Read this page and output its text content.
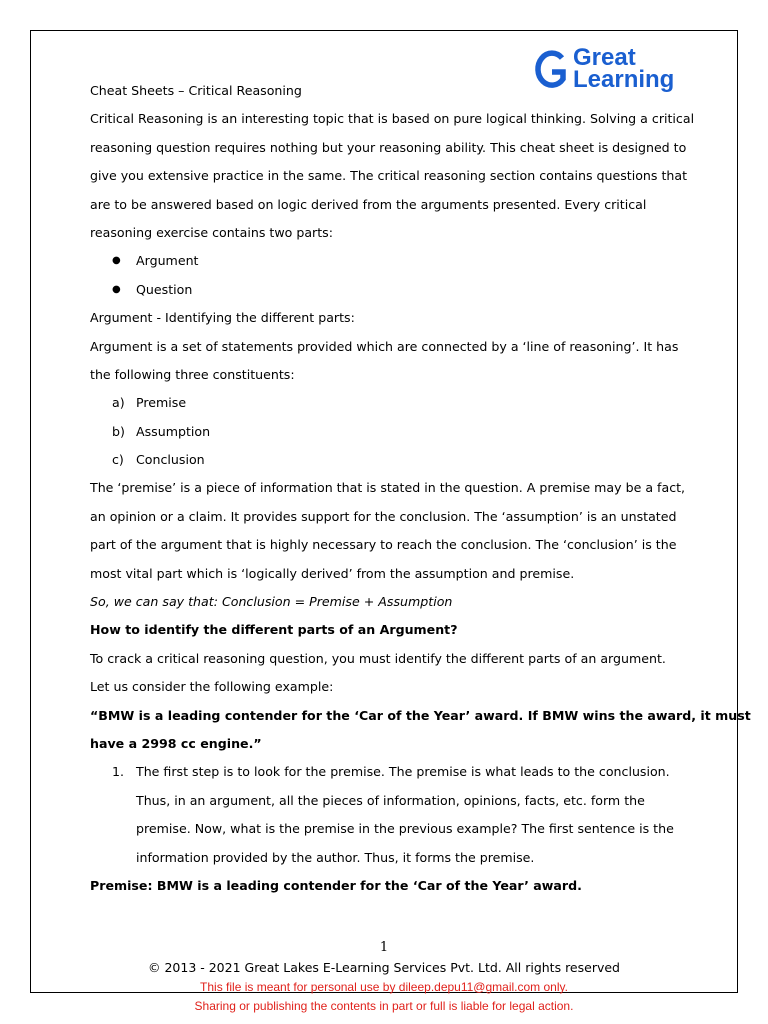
Great
Learning
Cheat Sheets – Critical Reasoning
Critical Reasoning is an interesting topic that is based on pure logical thinking. Solving a critical
reasoning question requires nothing but your reasoning ability. This cheat sheet is designed to
give you extensive practice in the same. The critical reasoning section contains questions that
are to be answered based on logic derived from the arguments presented. Every critical
reasoning exercise contains two parts:
● Argument
● Question
Argument - Identifying the different parts:
Argument is a set of statements provided which are connected by a ‘line of reasoning’. It has
the following three constituents:
a) Premise
b) Assumption
c) Conclusion
The ‘premise’ is a piece of information that is stated in the question. A premise may be a fact,
an opinion or a claim. It provides support for the conclusion. The ‘assumption’ is an unstated
part of the argument that is highly necessary to reach the conclusion. The ‘conclusion’ is the
most vital part which is ‘logically derived’ from the assumption and premise.
So, we can say that: Conclusion = Premise + Assumption
How to identify the different parts of an Argument?
To crack a critical reasoning question, you must identify the different parts of an argument.
Let us consider the following example:
“BMW is a leading contender for the ‘Car of the Year’ award. If BMW wins the award, it must
have a 2998 cc engine.”
1. The first step is to look for the premise. The premise is what leads to the conclusion.
Thus, in an argument, all the pieces of information, opinions, facts, etc. form the
premise. Now, what is the premise in the previous example? The first sentence is the
information provided by the author. Thus, it forms the premise.
Premise: BMW is a leading contender for the ‘Car of the Year’ award.
1
© 2013 - 2021 Great Lakes E-Learning Services Pvt. Ltd. All rights reserved
This file is meant for personal use by dileep.depu11@gmail.com only.
Sharing or publishing the contents in part or full is liable for legal action.
